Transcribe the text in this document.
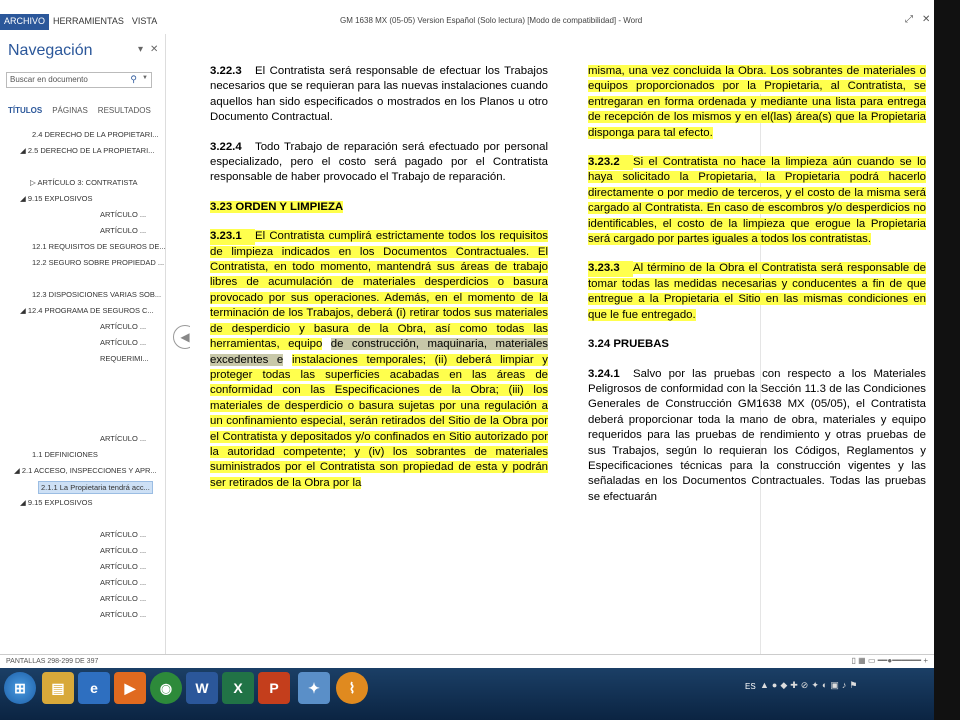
ARCHIVO HERRAMIENTAS VISTA	GM 1638 MX (05-05) Version Español (Solo lectura) [Modo de compatibilidad] - Word	⤢ ✕
Navegación	▾ ✕
Buscar en documento	⚲ ▼
TÍTULOS PÁGINAS RESULTADOS
2.4 DERECHO DE LA PROPIETARI...
◢ 2.5 DERECHO DE LA PROPIETARI...
▷ ARTÍCULO 3: CONTRATISTA
◢ 9.15 EXPLOSIVOS
ARTÍCULO ...
ARTÍCULO ...
12.1 REQUISITOS DE SEGUROS DE...
12.2 SEGURO SOBRE PROPIEDAD ...
12.3 DISPOSICIONES VARIAS SOB...
◢ 12.4 PROGRAMA DE SEGUROS C...
ARTÍCULO ...
ARTÍCULO ...
REQUERIMI...
ARTÍCULO ...
1.1 DEFINICIONES
◢ 2.1 ACCESO, INSPECCIONES Y APR...
2.1.1 La Propietaria tendrá acc...
◢ 9.15 EXPLOSIVOS
ARTÍCULO ...
ARTÍCULO ...
ARTÍCULO ...
ARTÍCULO ...
ARTÍCULO ...
ARTÍCULO ...
◀

3.22.3 El Contratista será responsable de efectuar los Trabajos necesarios que se requieran para las nuevas instalaciones cuando aquellos han sido especificados o mostrados en los Planos u otro Documento Contractual.

3.22.4 Todo Trabajo de reparación será efectuado por personal especializado, pero el costo será pagado por el Contratista responsable de haber provocado el Trabajo de reparación.

3.23 ORDEN Y LIMPIEZA

3.23.1 El Contratista cumplirá estrictamente todos los requisitos de limpieza indicados en los Documentos Contractuales. El Contratista, en todo momento, mantendrá sus áreas de trabajo libres de acumulación de materiales desperdicios o basura provocado por sus operaciones. Además, en el momento de la terminación de los Trabajos, deberá (i) retirar todos sus materiales de desperdicio y basura de la Obra, así como todas las herramientas, equipo de construcción, maquinaria, materiales excedentes e instalaciones temporales; (ii) deberá limpiar y proteger todas las superficies acabadas en las áreas de conformidad con las Especificaciones de la Obra; (iii) los materiales de desperdicio o basura sujetas por una regulación a un confinamiento especial, serán retirados del Sitio de la Obra por el Contratista y depositados y/o confinados en Sitio autorizado por la autoridad competente; y (iv) los sobrantes de materiales suministrados por el Contratista son propiedad de esta y podrán ser retirados de la Obra por la

misma, una vez concluida la Obra. Los sobrantes de materiales o equipos proporcionados por la Propietaria, al Contratista, se entregaran en forma ordenada y mediante una lista para entrega de recepción de los mismos y en el(las) área(s) que la Propietaria disponga para tal efecto.

3.23.2 Si el Contratista no hace la limpieza aún cuando se lo haya solicitado la Propietaria, la Propietaria podrá hacerlo directamente o por medio de terceros, y el costo de la misma será cargado al Contratista. En caso de escombros y/o desperdicios no identificables, el costo de la limpieza que erogue la Propietaria será cargado por partes iguales a todos los contratistas.

3.23.3 Al término de la Obra el Contratista será responsable de tomar todas las medidas necesarias y conducentes a fin de que entregue a la Propietaria el Sitio en las mismas condiciones en que le fue entregado.

3.24 PRUEBAS

3.24.1 Salvo por las pruebas con respecto a los Materiales Peligrosos de conformidad con la Sección 11.3 de las Condiciones Generales de Construcción GM1638 MX (05/05), el Contratista deberá proporcionar toda la mano de obra, materiales y equipo requeridos para las pruebas de rendimiento y otras pruebas de sus Trabajos, según lo requieran los Códigos, Reglamentos y Especificaciones técnicas para la construcción vigentes y las señaladas en los Documentos Contractuales. Todas las pruebas se efectuarán

PANTALLAS 298-299 DE 397	▯ ▦ ▭ ━━●━━━━━━ +
⊞	▤	e	▶	◉	W	X	P	✦	⌇	ES ▲●◆✚⊘✦◐▣♪⚑
